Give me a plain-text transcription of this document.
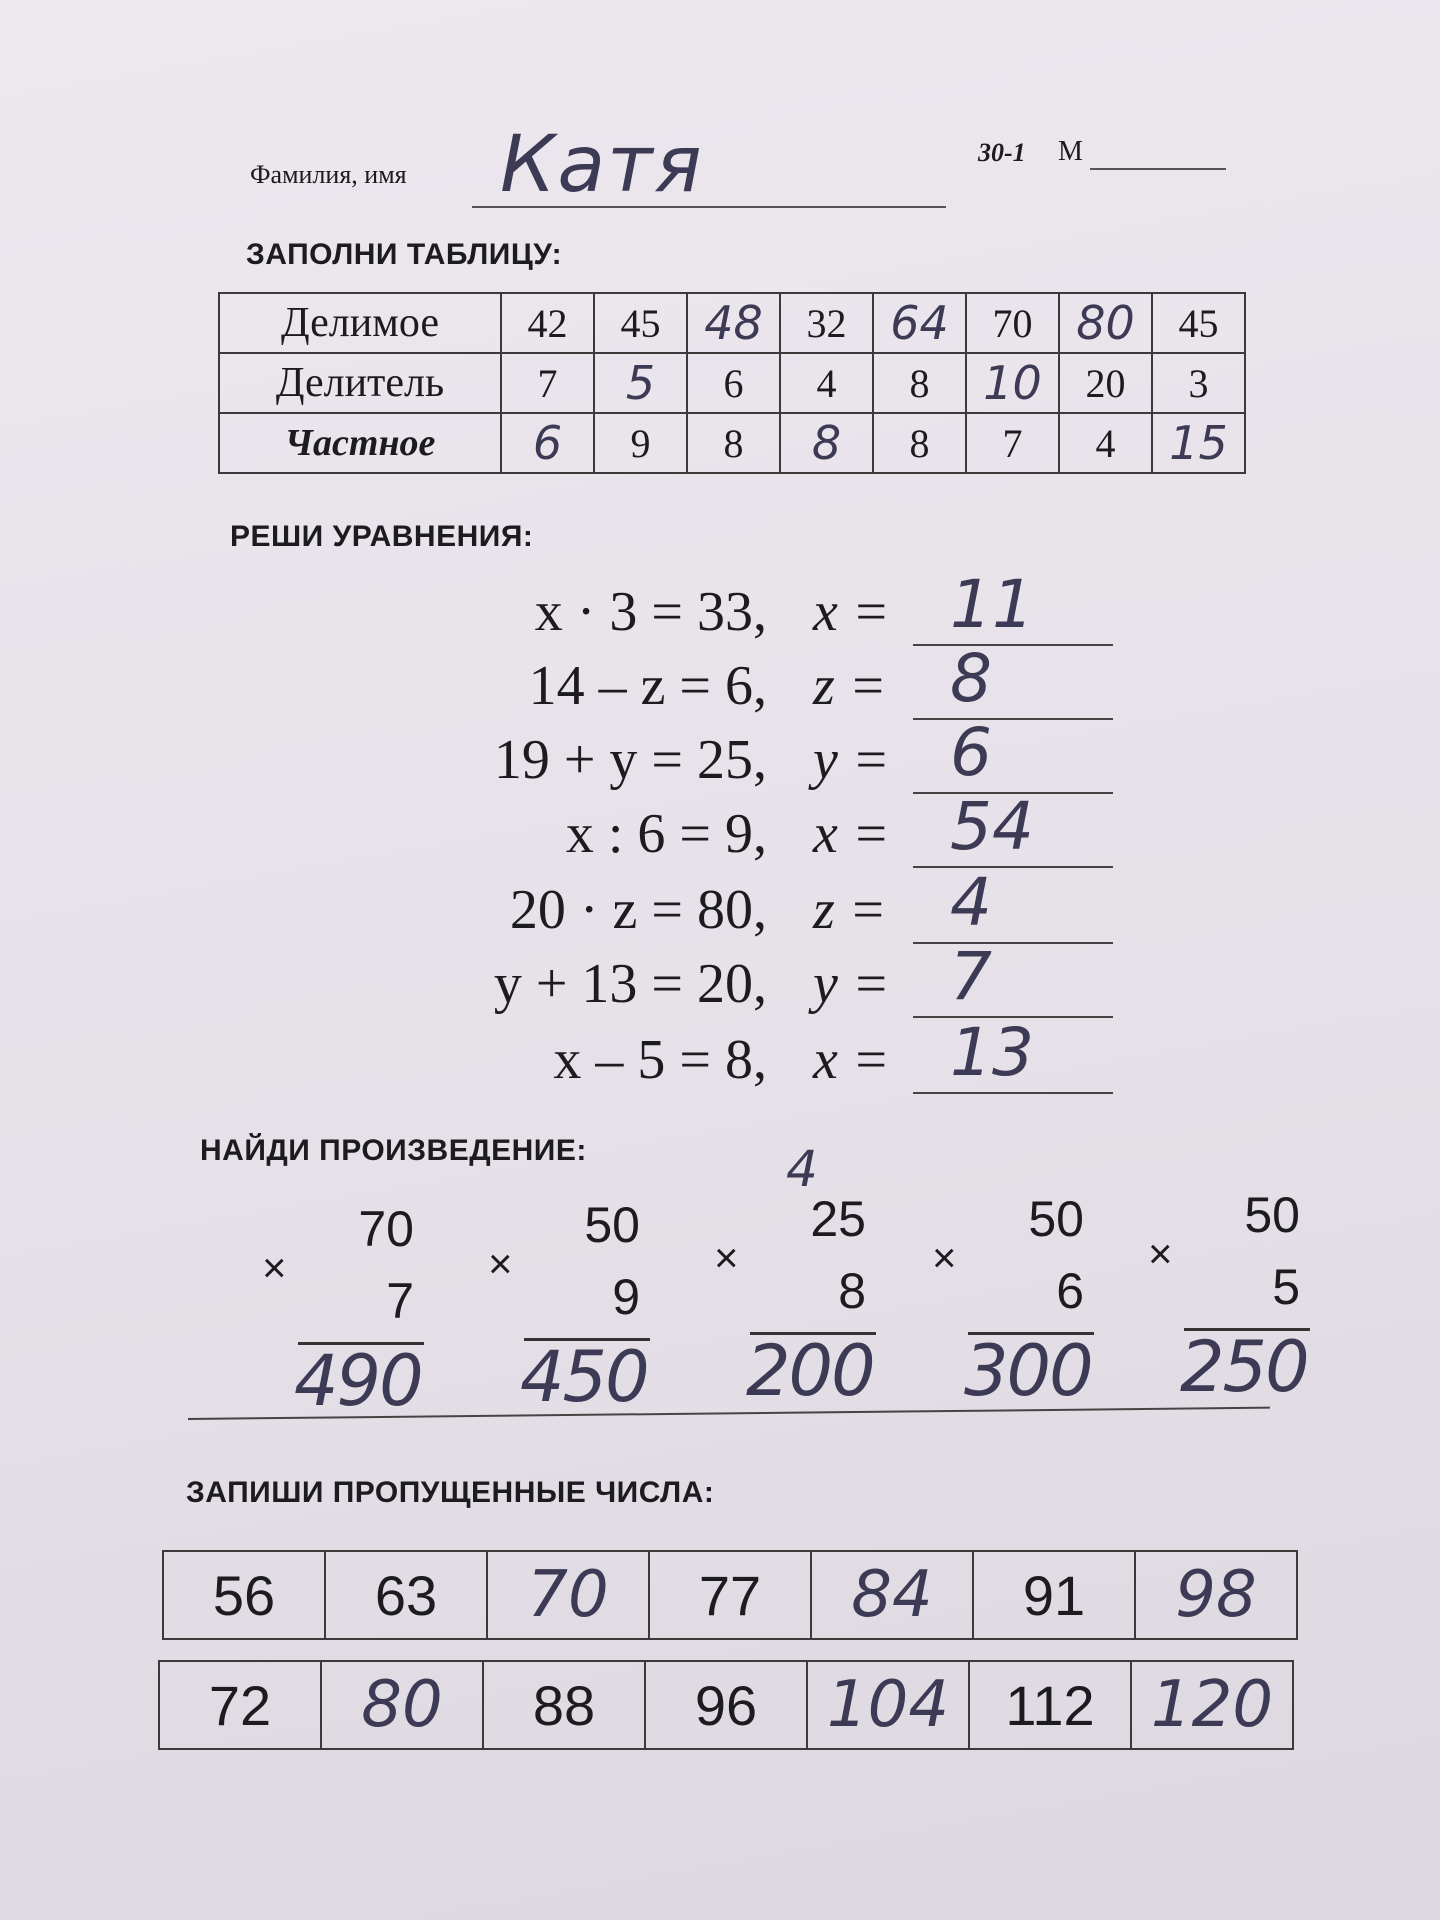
Фамилия, имя Катя	30-1 М
ЗАПОЛНИ ТАБЛИЦУ:
Делимое	42	45	48	32	64	70	80	45
Делитель	7	5	6	4	8	10	20	3
Частное	6	9	8	8	8	7	4	15
РЕШИ УРАВНЕНИЯ:
x · 3 = 33, x = 11
14 – z = 6, z = 8
19 + y = 25, y = 6
x : 6 = 9, x = 54
20 · z = 80, z = 4
y + 13 = 20, y = 7
x – 5 = 8, x = 13
НАЙДИ ПРОИЗВЕДЕНИЕ:
×
70
7
490
×
50
9
450
×
25
8
200
4
×
50
6
300
×
50
5
250
ЗАПИШИ ПРОПУЩЕННЫЕ ЧИСЛА:
56	63	70	77	84	91	98
72	80	88	96	104	112	120
